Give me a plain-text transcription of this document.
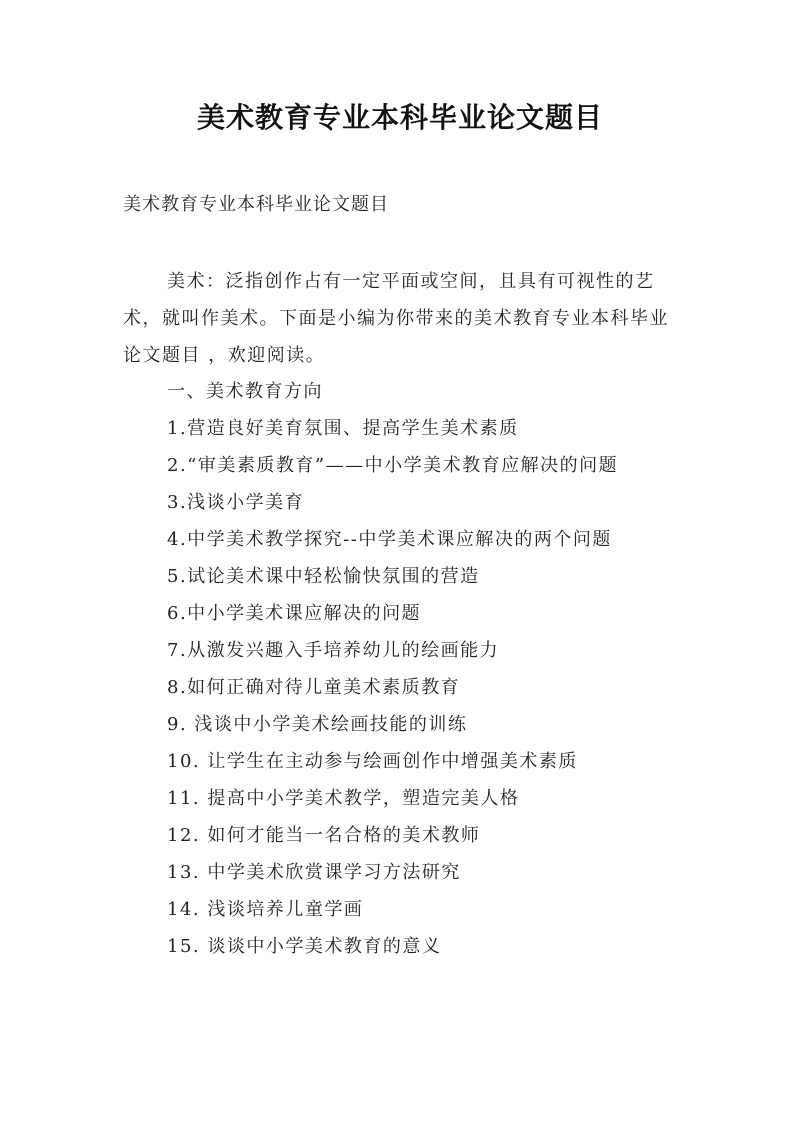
美术教育专业本科毕业论文题目

美术教育专业本科毕业论文题目

美术：泛指创作占有一定平面或空间，且具有可视性的艺术，就叫作美术。下面是小编为你带来的美术教育专业本科毕业论文题目 ，欢迎阅读。

一、美术教育方向
1.营造良好美育氛围、提高学生美术素质
2.“审美素质教育”——中小学美术教育应解决的问题
3.浅谈小学美育
4.中学美术教学探究--中学美术课应解决的两个问题
5.试论美术课中轻松愉快氛围的营造
6.中小学美术课应解决的问题
7.从激发兴趣入手培养幼儿的绘画能力
8.如何正确对待儿童美术素质教育
9. 浅谈中小学美术绘画技能的训练
10. 让学生在主动参与绘画创作中增强美术素质
11. 提高中小学美术教学，塑造完美人格
12. 如何才能当一名合格的美术教师
13. 中学美术欣赏课学习方法研究
14. 浅谈培养儿童学画
15. 谈谈中小学美术教育的意义
